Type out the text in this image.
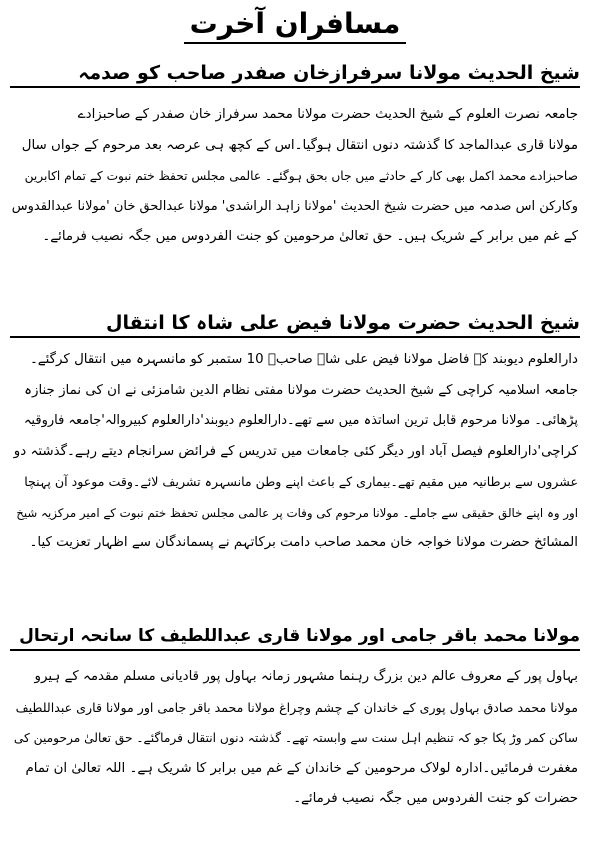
مسافران آخرت
شیخ الحدیث مولانا سرفرازخان صفدر صاحب کو صدمہ
جامعہ نصرت العلوم کے شیخ الحدیث حضرت مولانا محمد سرفراز خان صفدر کے صاحبزادے
مولانا قاری عبدالماجد کا گذشتہ دنوں انتقال ہوگیا۔اس کے کچھ ہی عرصہ بعد مرحوم کے جواں سال
صاحبزادے محمد اکمل بھی کار کے حادثے میں جاں بحق ہوگئے۔ عالمی مجلس تحفظ ختم نبوت کے تمام اکابرین
وکارکن اس صدمہ میں حضرت شیخ الحدیث 'مولانا زاہد الراشدی' مولانا عبدالحق خان 'مولانا عبدالقدوس
کے غم میں برابر کے شریک ہیں۔ حق تعالیٰ مرحومین کو جنت الفردوس میں جگہ نصیب فرمائے۔
شیخ الحدیث حضرت مولانا فیض علی شاہ کا انتقال
دارالعلوم دیوبند کے فاضل مولانا فیض علی شاہ صاحبؒ 10 ستمبر کو مانسہرہ میں انتقال کرگئے۔
جامعہ اسلامیہ کراچی کے شیخ الحدیث حضرت مولانا مفتی نظام الدین شامزئی نے ان کی نماز جنازہ
پڑھائی۔ مولانا مرحوم قابل ترین اساتذہ میں سے تھے۔دارالعلوم دیوبند'دارالعلوم کبیروالہ'جامعہ فاروقیہ
کراچی'دارالعلوم فیصل آباد اور دیگر کئی جامعات میں تدریس کے فرائض سرانجام دیتے رہے۔گذشتہ دو
عشروں سے برطانیہ میں مقیم تھے۔بیماری کے باعث اپنے وطن مانسہرہ تشریف لائے۔وقت موعود آن پہنچا
اور وہ اپنے خالق حقیقی سے جاملے۔ مولانا مرحوم کی وفات پر عالمی مجلس تحفظ ختم نبوت کے امیر مرکزیہ شیخ
المشائخ حضرت مولانا خواجہ خان محمد صاحب دامت برکاتہم نے پسماندگان سے اظہار تعزیت کیا۔
مولانا محمد باقر جامی اور مولانا قاری عبداللطیف کا سانحہ ارتحال
بہاول پور کے معروف عالم دین بزرگ رہنما مشہور زمانہ بہاول پور قادیانی مسلم مقدمہ کے ہیرو
مولانا محمد صادق بہاول پوری کے خاندان کے چشم وچراغ مولانا محمد باقر جامی اور مولانا قاری عبداللطیف
ساکن کمر وڑ پکا جو کہ تنظیم اہل سنت سے وابستہ تھے۔ گذشتہ دنوں انتقال فرماگئے۔ حق تعالیٰ مرحومین کی
مغفرت فرمائیں۔ادارہ لولاک مرحومین کے خاندان کے غم میں برابر کا شریک ہے۔ اللہ تعالیٰ ان تمام
حضرات کو جنت الفردوس میں جگہ نصیب فرمائے۔
